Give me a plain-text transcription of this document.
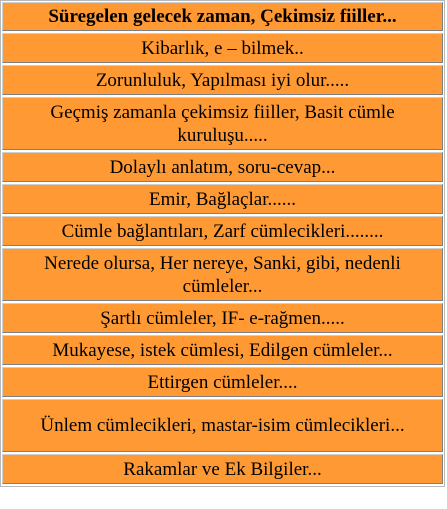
Süregelen gelecek zaman, Çekimsiz fiiller...
Kibarlık, e – bilmek..
Zorunluluk, Yapılması iyi olur.....
Geçmiş zamanla çekimsiz fiiller, Basit cümle kuruluşu.....
Dolaylı anlatım, soru-cevap...
Emir, Bağlaçlar......
Cümle bağlantıları, Zarf cümlecikleri........
Nerede olursa, Her nereye, Sanki, gibi, nedenli cümleler...
Şartlı cümleler, IF- e-rağmen.....
Mukayese, istek cümlesi, Edilgen cümleler...
Ettirgen cümleler....
Ünlem cümlecikleri, mastar-isim cümlecikleri...
Rakamlar ve Ek Bilgiler...
